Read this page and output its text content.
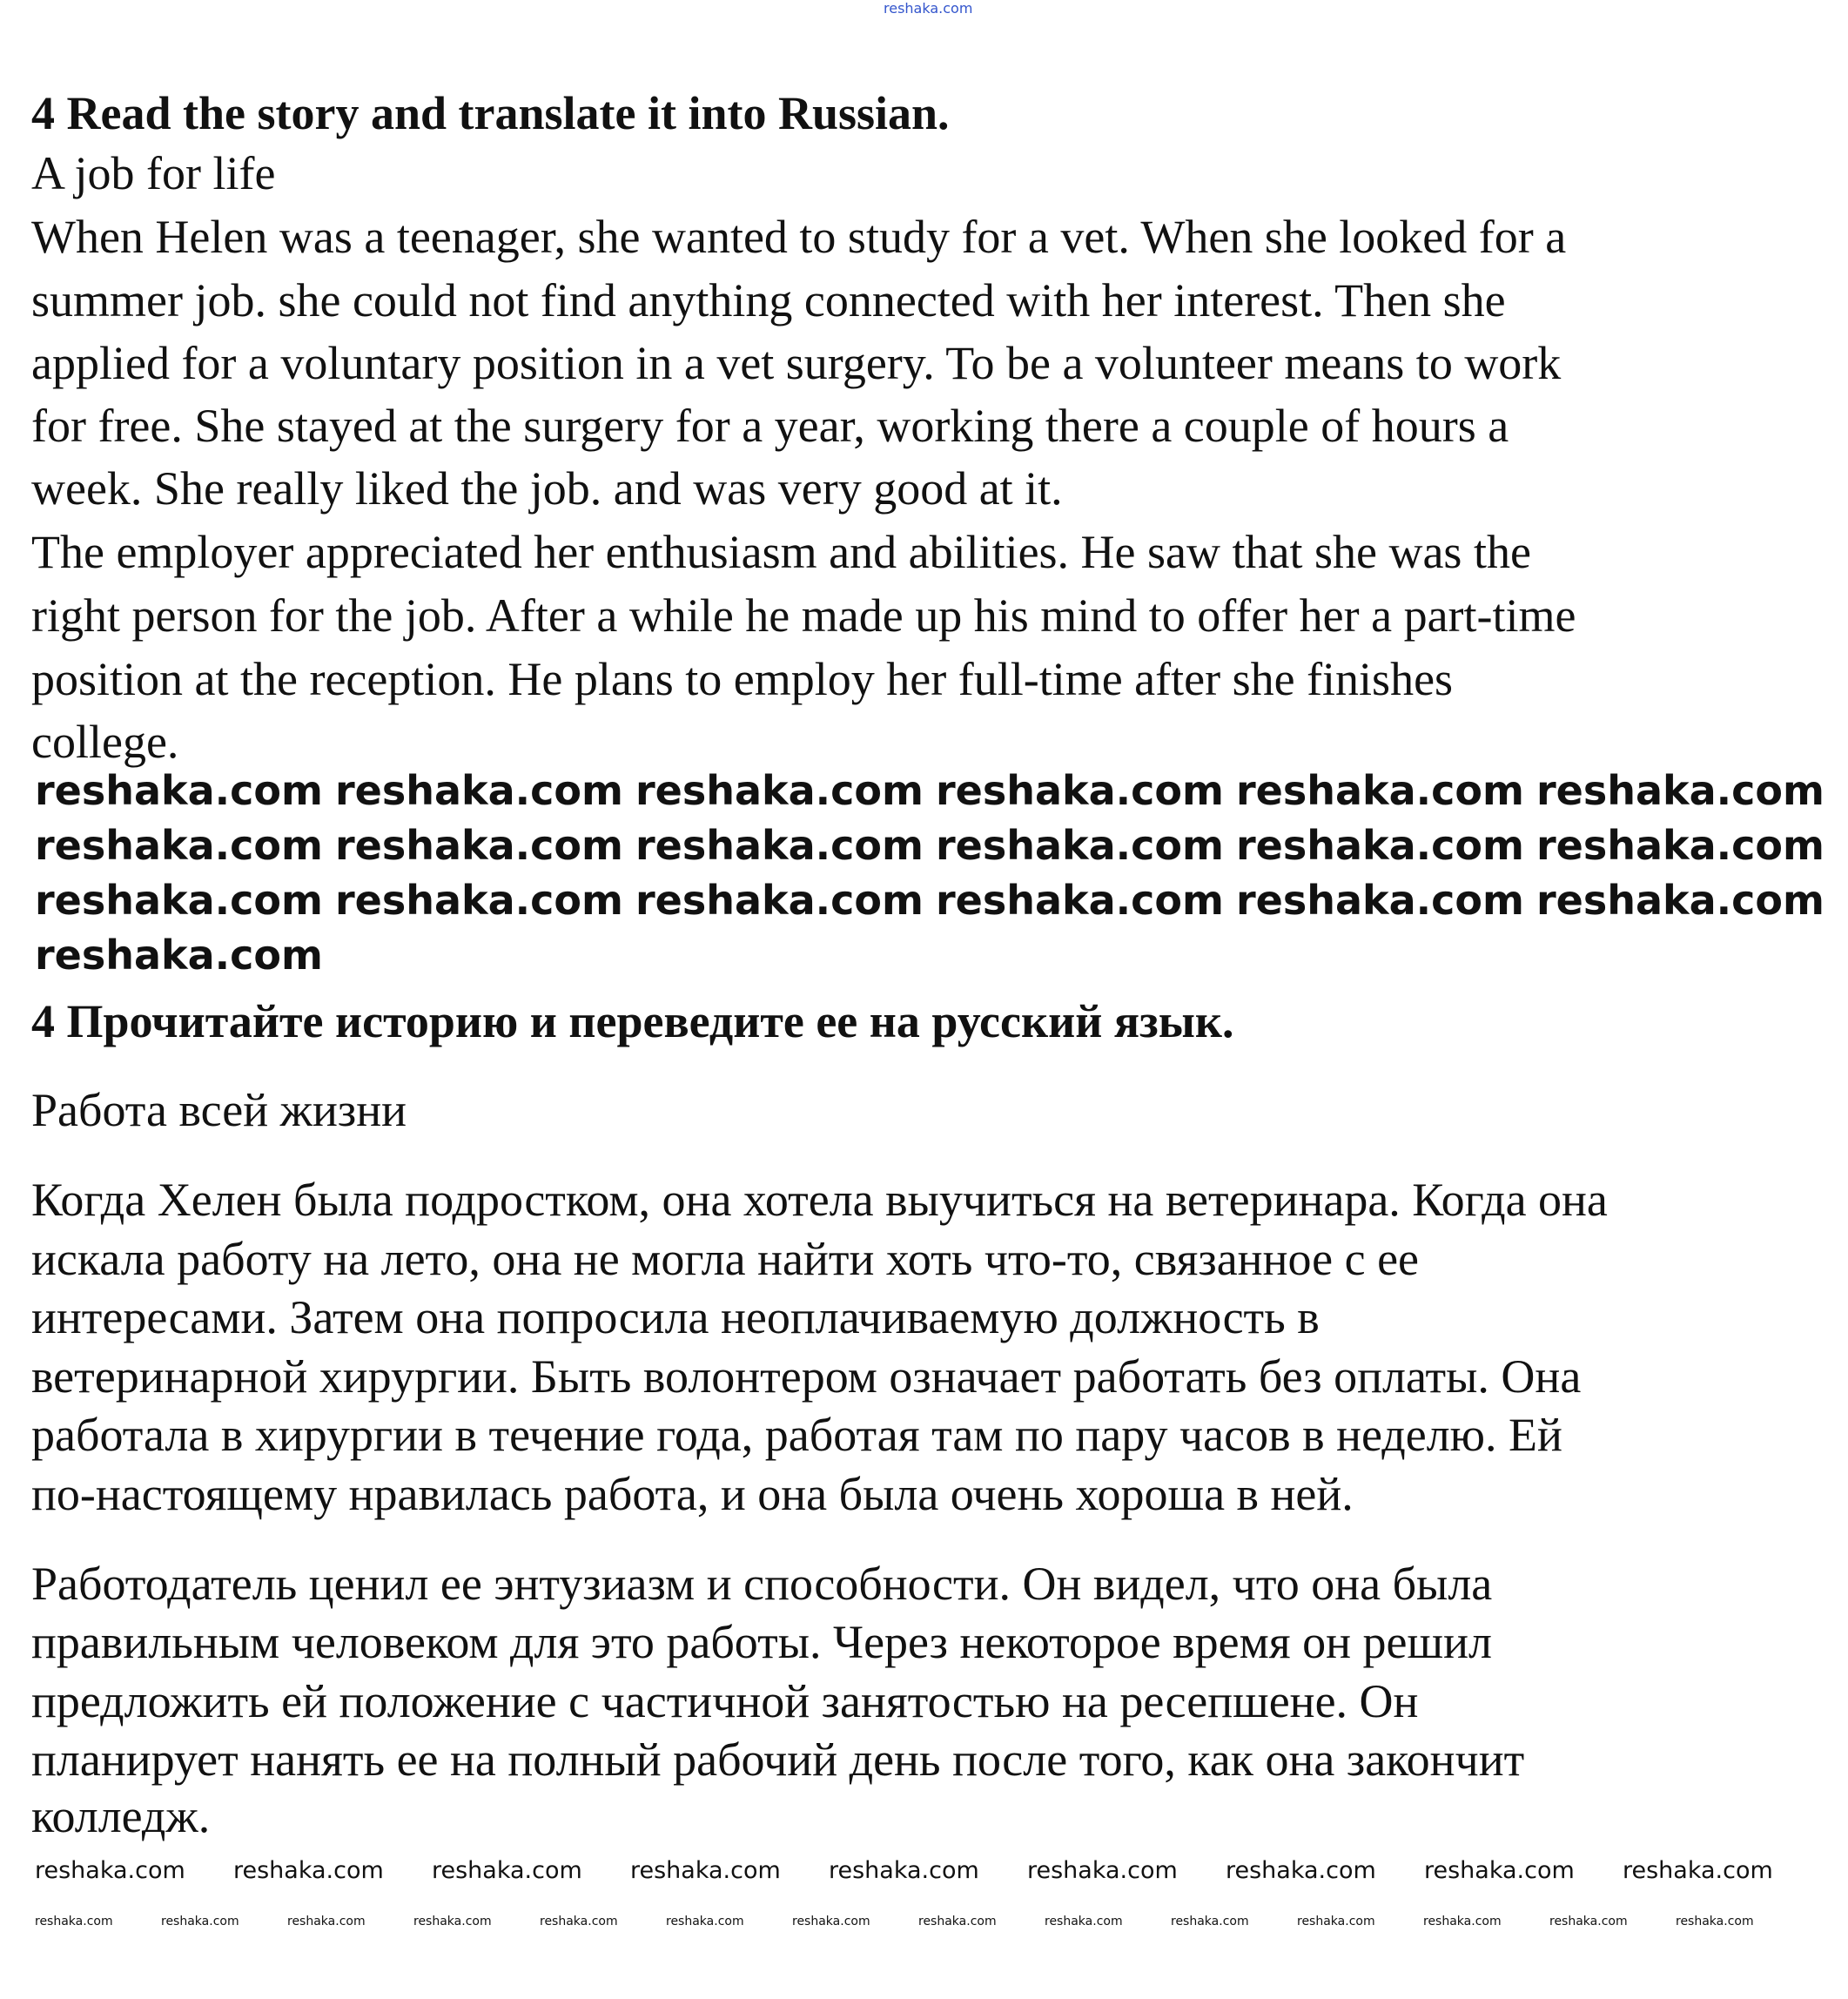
4 Read the story and translate it into Russian.
A job for life
When Helen was a teenager, she wanted to study for a vet. When she looked for a
summer job. she could not find anything connected with her interest. Then she
applied for a voluntary position in a vet surgery. To be a volunteer means to work
for free. She stayed at the surgery for a year, working there a couple of hours a
week. She really liked the job. and was very good at it.
The employer appreciated her enthusiasm and abilities. He saw that she was the
right person for the job. After a while he made up his mind to offer her a part-time
position at the reception. He plans to employ her full-time after she finishes
college.
4 Прочитайте историю и переведите ее на русский язык.
Работа всей жизни
Когда Хелен была подростком, она хотела выучиться на ветеринара. Когда она
искала работу на лето, она не могла найти хоть что-то, связанное с ее
интересами. Затем она попросила неоплачиваемую должность в
ветеринарной хирургии. Быть волонтером означает работать без оплаты. Она
работала в хирургии в течение года, работая там по пару часов в неделю. Ей
по-настоящему нравилась работа, и она была очень хороша в ней.
Работодатель ценил ее энтузиазм и способности. Он видел, что она была
правильным человеком для это работы. Через некоторое время он решил
предложить ей положение с частичной занятостью на ресепшене. Он
планирует нанять ее на полный рабочий день после того, как она закончит
колледж.
reshaka.com
reshaka.com reshaka.com reshaka.com reshaka.com reshaka.com reshaka.com
reshaka.com reshaka.com reshaka.com reshaka.com reshaka.com reshaka.com
reshaka.com reshaka.com reshaka.com reshaka.com reshaka.com reshaka.com
reshaka.com
reshaka.com reshaka.com reshaka.com reshaka.com reshaka.com reshaka.com reshaka.com reshaka.com reshaka.com
reshaka.com	reshaka.com	reshaka.com	reshaka.com	reshaka.com	reshaka.com	reshaka.com	reshaka.com	reshaka.com	reshaka.com	reshaka.com	reshaka.com	reshaka.com	reshaka.com
